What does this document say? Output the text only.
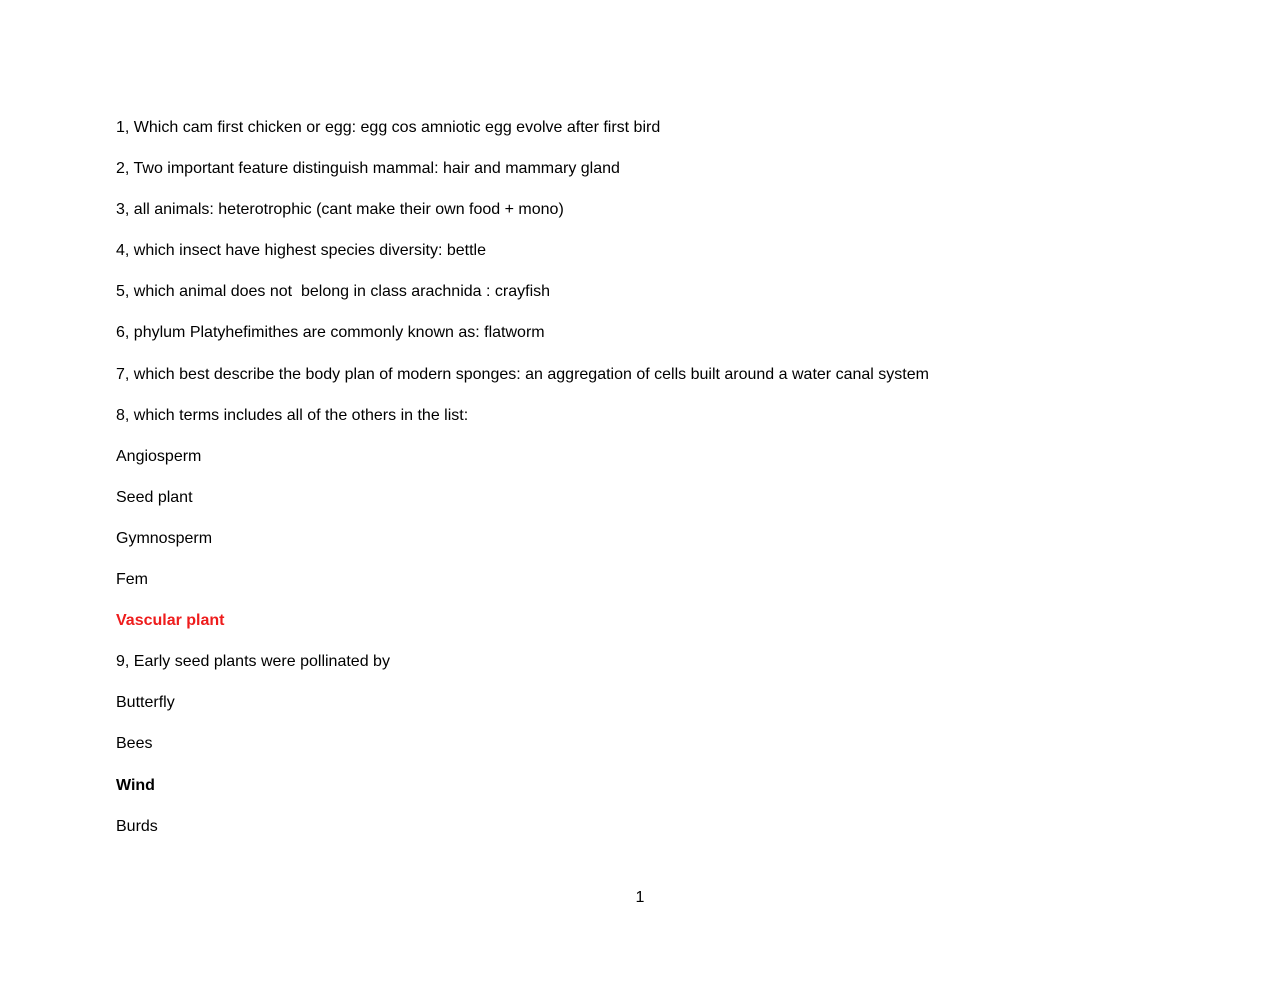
1, Which cam first chicken or egg: egg cos amniotic egg evolve after first bird
2, Two important feature distinguish mammal: hair and mammary gland
3, all animals: heterotrophic (cant make their own food + mono)
4, which insect have highest species diversity: bettle
5, which animal does not  belong in class arachnida : crayfish
6, phylum Platyhefimithes are commonly known as: flatworm
7, which best describe the body plan of modern sponges: an aggregation of cells built around a water canal system
8, which terms includes all of the others in the list:
Angiosperm
Seed plant
Gymnosperm
Fem
Vascular plant
9, Early seed plants were pollinated by
Butterfly
Bees
Wind
Burds
1
